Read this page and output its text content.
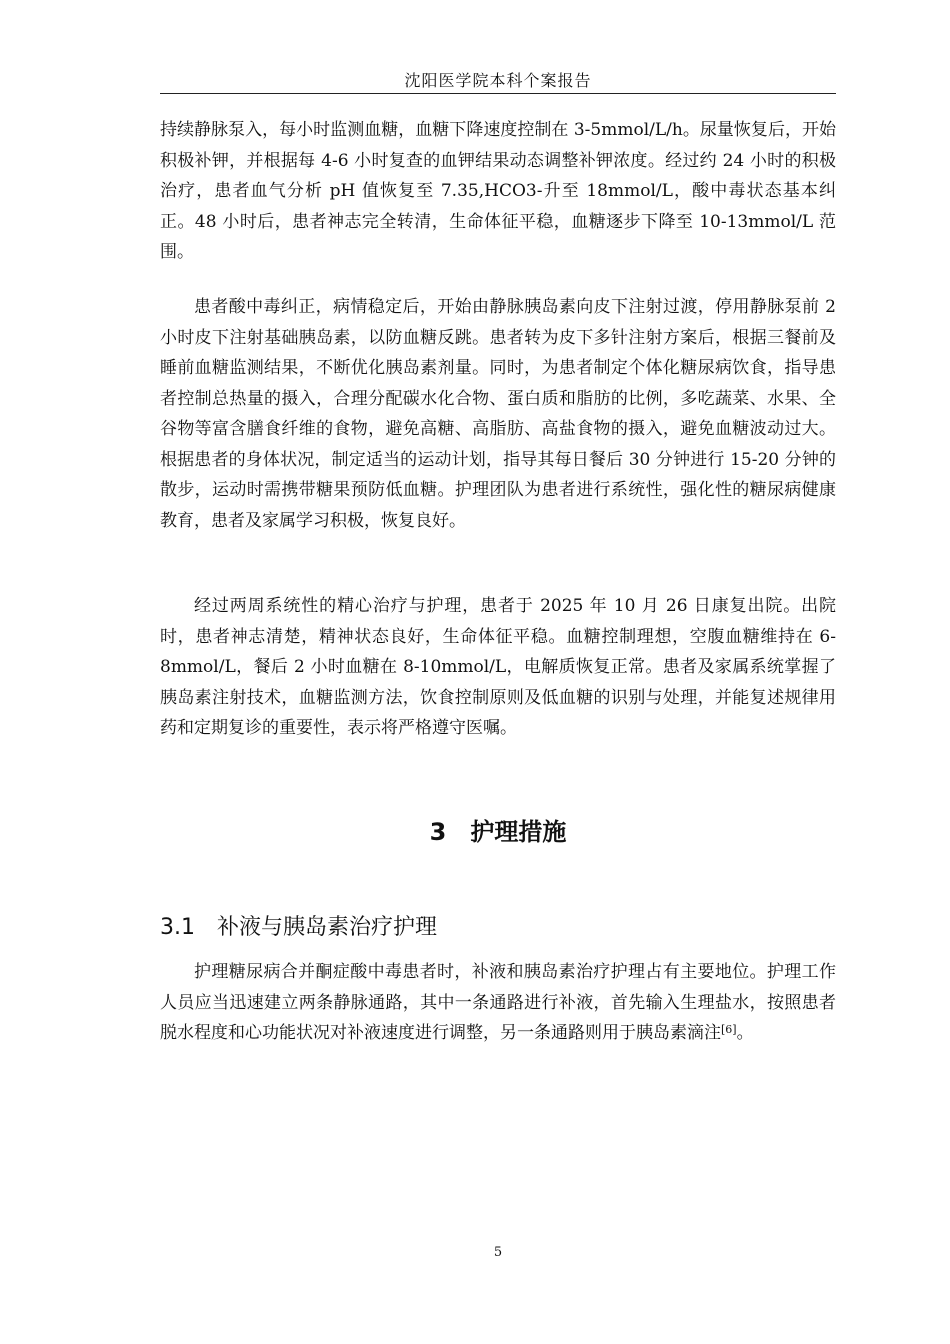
沈阳医学院本科个案报告

持续静脉泵入，每小时监测血糖，血糖下降速度控制在 3-5mmol/L/h。尿量恢复后，开始积极补钾，并根据每 4-6 小时复查的血钾结果动态调整补钾浓度。经过约 24 小时的积极治疗，患者血气分析 pH 值恢复至 7.35,HCO3-升至 18mmol/L，酸中毒状态基本纠正。48 小时后，患者神志完全转清，生命体征平稳，血糖逐步下降至 10-13mmol/L 范围。

患者酸中毒纠正，病情稳定后，开始由静脉胰岛素向皮下注射过渡，停用静脉泵前 2 小时皮下注射基础胰岛素，以防血糖反跳。患者转为皮下多针注射方案后，根据三餐前及睡前血糖监测结果，不断优化胰岛素剂量。同时，为患者制定个体化糖尿病饮食，指导患者控制总热量的摄入，合理分配碳水化合物、蛋白质和脂肪的比例，多吃蔬菜、水果、全谷物等富含膳食纤维的食物，避免高糖、高脂肪、高盐食物的摄入，避免血糖波动过大。根据患者的身体状况，制定适当的运动计划，指导其每日餐后 30 分钟进行 15-20 分钟的散步，运动时需携带糖果预防低血糖。护理团队为患者进行系统性，强化性的糖尿病健康教育，患者及家属学习积极，恢复良好。

经过两周系统性的精心治疗与护理，患者于 2025 年 10 月 26 日康复出院。出院时，患者神志清楚，精神状态良好，生命体征平稳。血糖控制理想，空腹血糖维持在 6-8mmol/L，餐后 2 小时血糖在 8-10mmol/L，电解质恢复正常。患者及家属系统掌握了胰岛素注射技术，血糖监测方法，饮食控制原则及低血糖的识别与处理，并能复述规律用药和定期复诊的重要性，表示将严格遵守医嘱。

3 护理措施
3.1 补液与胰岛素治疗护理

护理糖尿病合并酮症酸中毒患者时，补液和胰岛素治疗护理占有主要地位。护理工作人员应当迅速建立两条静脉通路，其中一条通路进行补液，首先输入生理盐水，按照患者脱水程度和心功能状况对补液速度进行调整，另一条通路则用于胰岛素滴注[6]。

5
